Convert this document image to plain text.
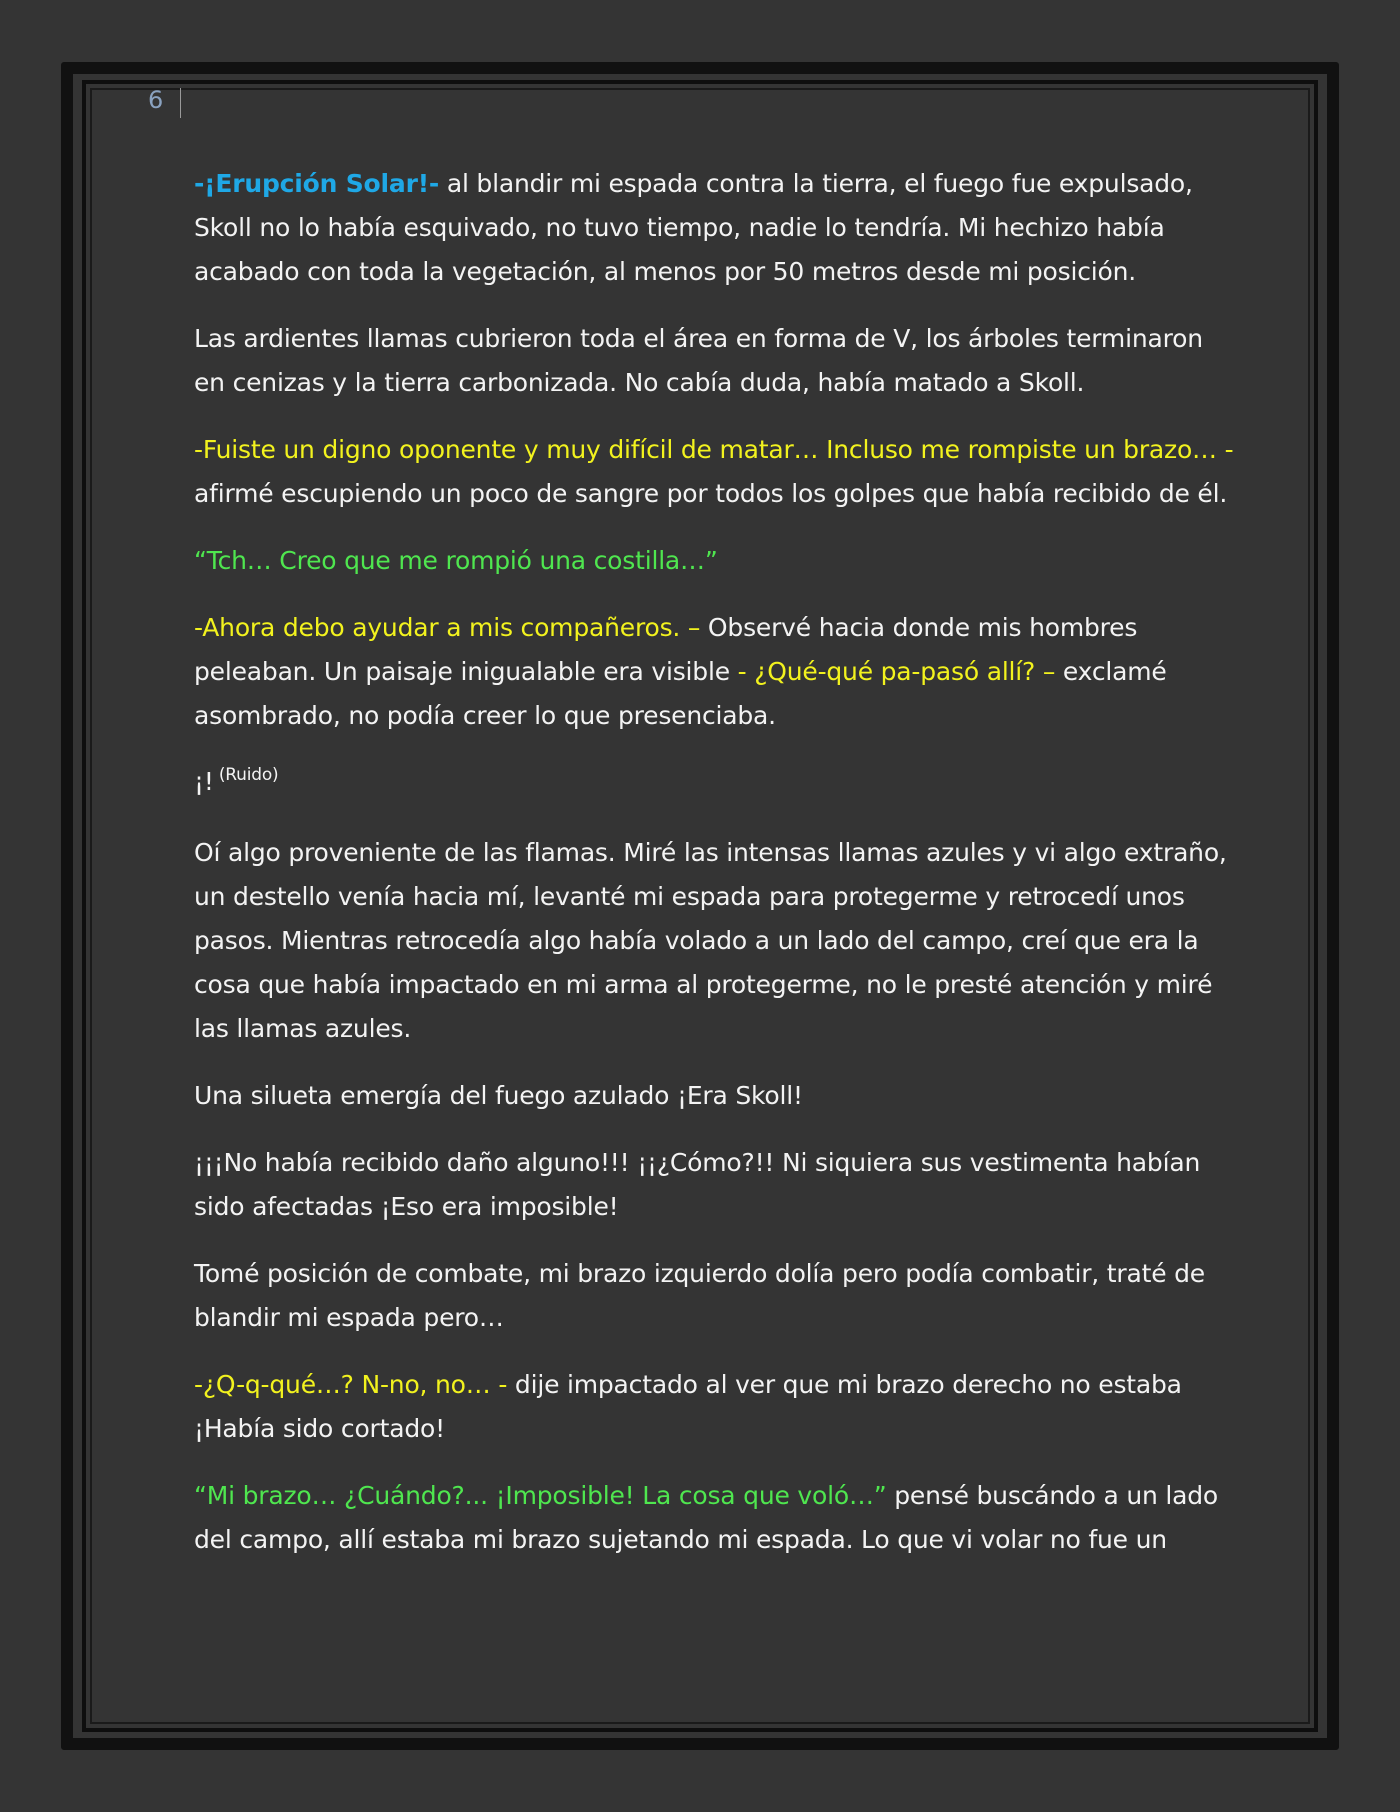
6

-¡Erupción Solar!- al blandir mi espada contra la tierra, el fuego fue expulsado, Skoll no lo había esquivado, no tuvo tiempo, nadie lo tendría. Mi hechizo había acabado con toda la vegetación, al menos por 50 metros desde mi posición.

Las ardientes llamas cubrieron toda el área en forma de V, los árboles terminaron en cenizas y la tierra carbonizada. No cabía duda, había matado a Skoll.

-Fuiste un digno oponente y muy difícil de matar… Incluso me rompiste un brazo… - afirmé escupiendo un poco de sangre por todos los golpes que había recibido de él.

“Tch… Creo que me rompió una costilla…”

-Ahora debo ayudar a mis compañeros. – Observé hacia donde mis hombres peleaban. Un paisaje inigualable era visible - ¿Qué-qué pa-pasó allí? – exclamé asombrado, no podía creer lo que presenciaba.

¡! $^{(Ruido)}$

Oí algo proveniente de las flamas. Miré las intensas llamas azules y vi algo extraño, un destello venía hacia mí, levanté mi espada para protegerme y retrocedí unos pasos. Mientras retrocedía algo había volado a un lado del campo, creí que era la cosa que había impactado en mi arma al protegerme, no le presté atención y miré las llamas azules.

Una silueta emergía del fuego azulado ¡Era Skoll!

¡¡¡No había recibido daño alguno!!! ¡¡¿Cómo?!! Ni siquiera sus vestimenta habían sido afectadas ¡Eso era imposible!

Tomé posición de combate, mi brazo izquierdo dolía pero podía combatir, traté de blandir mi espada pero…

-¿Q-q-qué…? N-no, no… - dije impactado al ver que mi brazo derecho no estaba ¡Había sido cortado!

“Mi brazo… ¿Cuándo?... ¡Imposible! La cosa que voló…” pensé buscándo a un lado del campo, allí estaba mi brazo sujetando mi espada. Lo que vi volar no fue un
